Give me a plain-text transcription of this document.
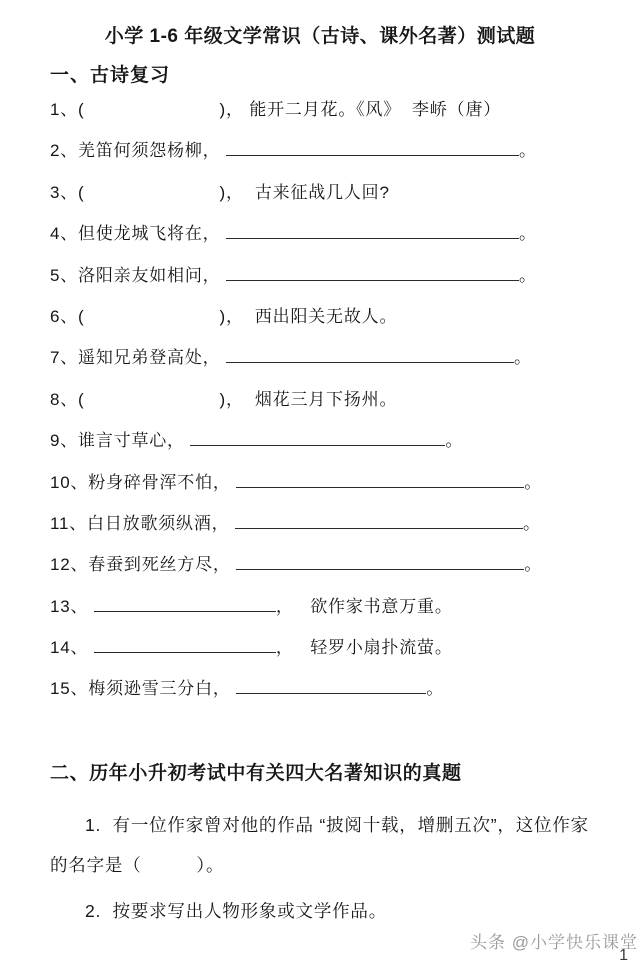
小学 1-6 年级文学常识（古诗、课外名著）测试题
一、古诗复习
1、(	)， 能开二月花。《风》  李峤（唐）
2、羌笛何须怨杨柳，	。
3、(	)，  古来征战几人回?
4、但使龙城飞将在，	。
5、洛阳亲友如相问，	。
6、(	)，  西出阳关无故人。
7、遥知兄弟登高处，	。
8、(	)，  烟花三月下扬州。
9、谁言寸草心，	。
10、粉身碎骨浑不怕，	。
11、白日放歌须纵酒，	。
12、春蚕到死丝方尽，	。
13、	，   欲作家书意万重。
14、	，   轻罗小扇扑流萤。
15、梅须逊雪三分白，	。
二、历年小升初考试中有关四大名著知识的真题
1.  有一位作家曾对他的作品 “披阅十载，增删五次”，这位作家
的名字是（　　　）。
2.  按要求写出人物形象或文学作品。
头条 @小学快乐课堂
1
